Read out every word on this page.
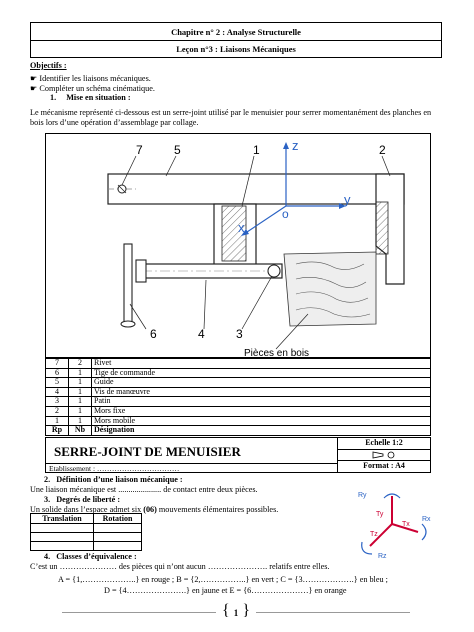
Chapitre n° 2 : Analyse Structurelle
Leçon n°3 : Liaisons Mécaniques
Objectifs :
☛ Identifier les liaisons mécaniques.
☛ Compléter un schéma cinématique.
1. Mise en situation :
Le mécanisme représenté ci-dessous est un serre-joint utilisé par le menuisier pour serrer momentanément des planches en bois lors d’une opération d’assemblage par collage.
7	5	1	2
6	4	3
z
y
x
o
Pièces en bois
7	2	Rivet
6	1	Tige de commande
5	1	Guide
4	1	Vis de manœuvre
3	1	Patin
2	1	Mors fixe
1	1	Mors mobile
Rp	Nb	Désignation
SERRE-JOINT DE MENUISIER
Etablissement : ……………………………
Echelle 1:2
Format : A4
2. Définition d’une liaison mécanique :
Une liaison mécanique est ..................... de contact entre deux pièces.
3. Degrés de liberté :
Un solide dans l’espace admet six (06) mouvements élémentaires possibles.
Translation	Rotation

Ry
Ty
Tx
Rx
Tz
Rz
4. Classes d’équivalence :
C’est un ………………… des pièces qui n’ont aucun …………………. relatifs entre elles.
A = {1,………………..} en rouge ; B = {2,……………..} en vert ; C = {3……………….} en bleu ;
D = {4………………….} en jaune et E = {6…………………} en orange
{ 1 }
